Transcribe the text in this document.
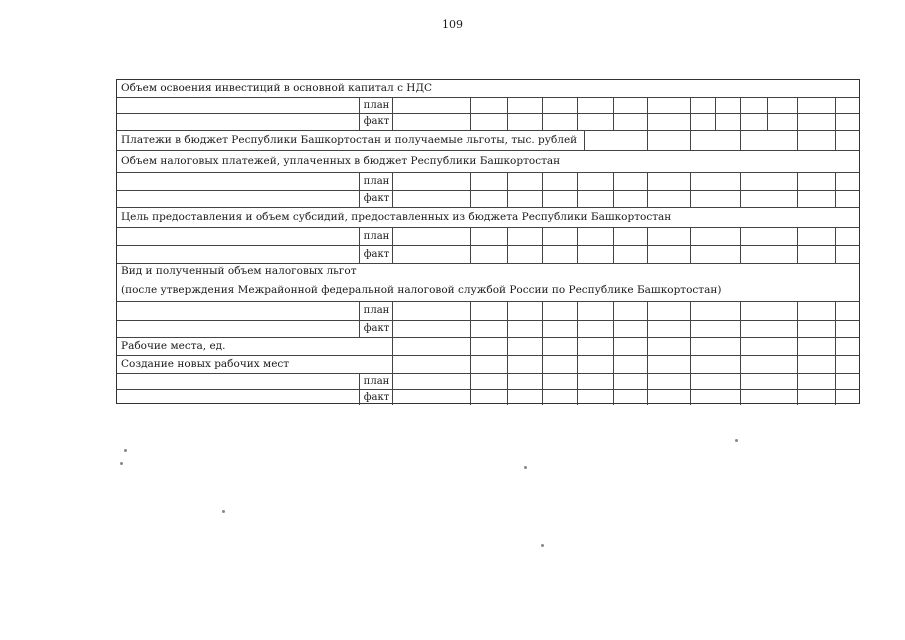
109
Объем освоения инвестиций в основной капитал с НДС
Платежи в бюджет Республики Башкортостан и получаемые льготы, тыс. рублей
Объем налоговых платежей, уплаченных в бюджет Республики Башкортостан
Цель предоставления и объем субсидий, предоставленных из бюджета Республики Башкортостан
Вид и полученный объем налоговых льгот
(после утверждения Межрайонной федеральной налоговой службой России по Республике Башкортостан)
Рабочие места, ед.
Создание новых рабочих мест
план
факт
план
факт
план
факт
план
факт
план
факт
